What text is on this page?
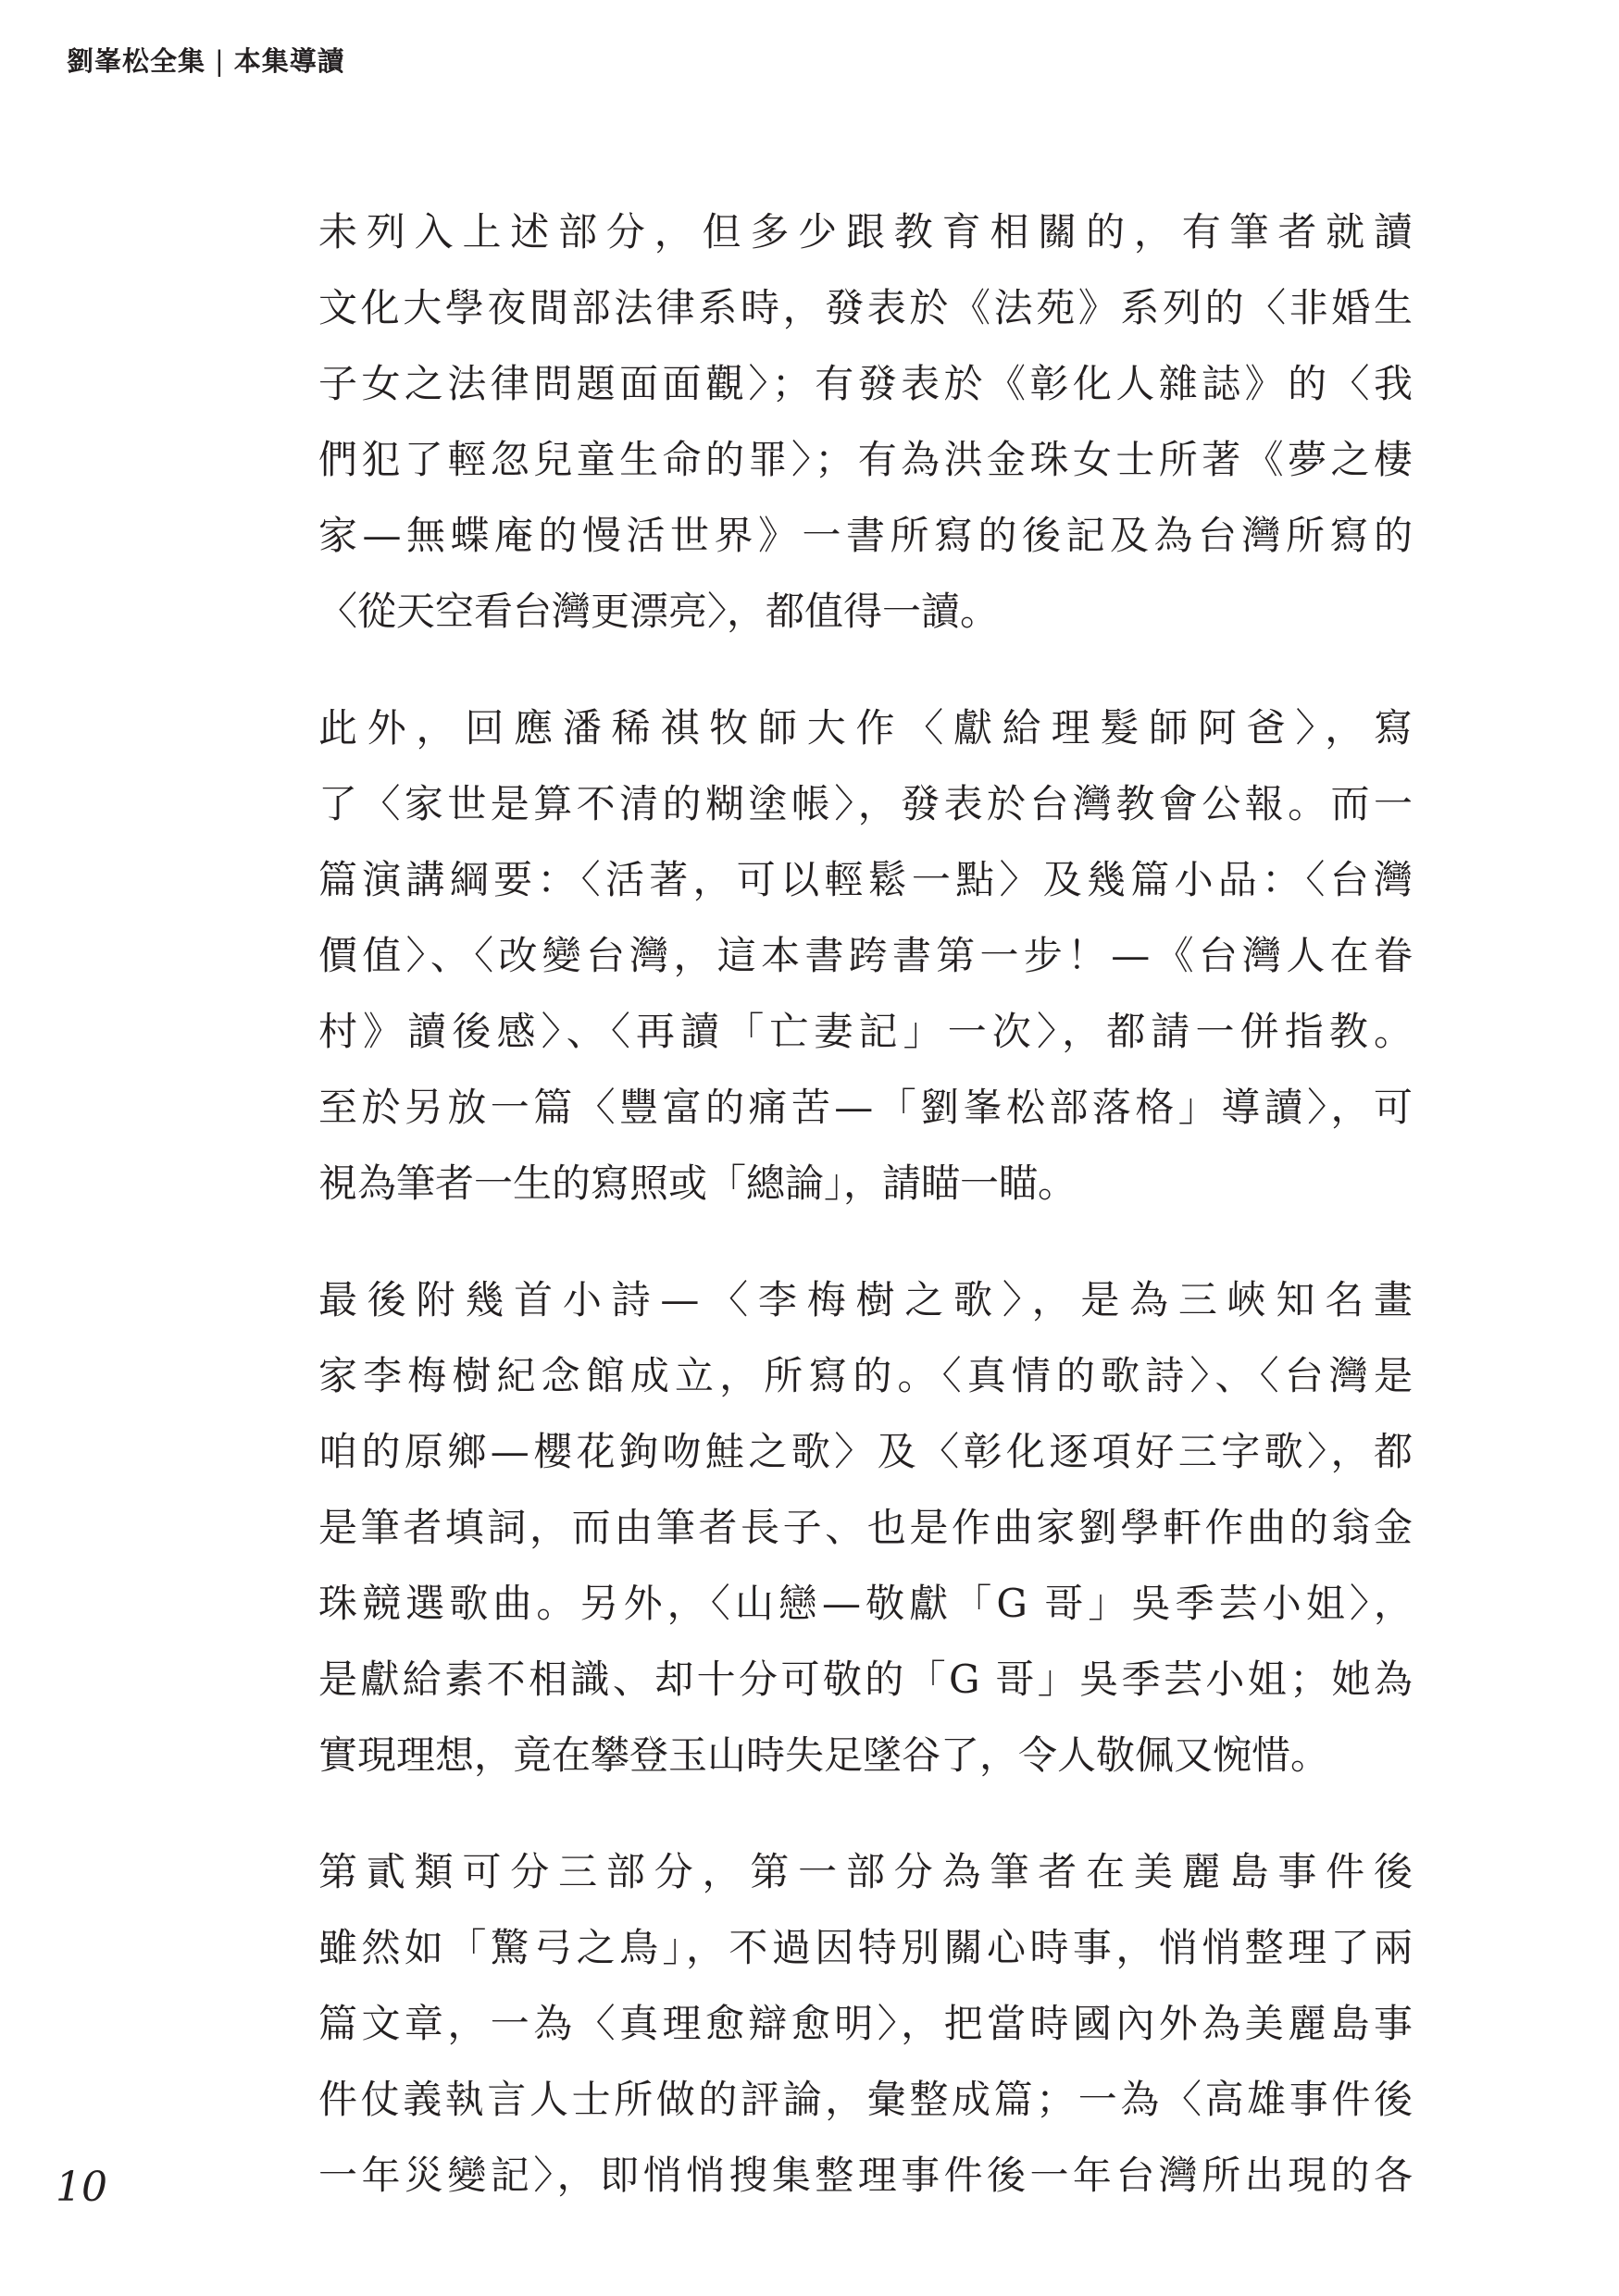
劉峯松全集 | 本集導讀

未列入上述部分，但多少跟教育相關的，有筆者就讀
文化大學夜間部法律系時，發表於《法苑》系列的〈非婚生
子女之法律問題面面觀〉；有發表於《彰化人雜誌》的〈我
們犯了輕忽兒童生命的罪〉；有為洪金珠女士所著《夢之棲
家—無蝶庵的慢活世界》一書所寫的後記及為台灣所寫的
〈從天空看台灣更漂亮〉，都值得一讀。

此外，回應潘稀祺牧師大作〈獻給理髮師阿爸〉，寫
了〈家世是算不清的糊塗帳〉，發表於台灣教會公報。而一
篇演講綱要：〈活著，可以輕鬆一點〉及幾篇小品：〈台灣
價值〉、〈改變台灣，這本書跨書第一步！—《台灣人在眷
村》讀後感〉、〈再讀「亡妻記」一次〉，都請一併指教。
至於另放一篇〈豐富的痛苦—「劉峯松部落格」導讀〉，可
視為筆者一生的寫照或「總論」，請瞄一瞄。

最後附幾首小詩—〈李梅樹之歌〉，是為三峽知名畫
家李梅樹紀念館成立，所寫的。〈真情的歌詩〉、〈台灣是
咱的原鄉—櫻花鉤吻鮭之歌〉及〈彰化逐項好三字歌〉，都
是筆者填詞，而由筆者長子、也是作曲家劉學軒作曲的翁金
珠競選歌曲。另外，〈山戀—敬獻「G 哥」吳季芸小姐〉，
是獻給素不相識、却十分可敬的「G 哥」吳季芸小姐；她為
實現理想，竟在攀登玉山時失足墜谷了，令人敬佩又惋惜。

第貳類可分三部分，第一部分為筆者在美麗島事件後
雖然如「驚弓之鳥」，不過因特別關心時事，悄悄整理了兩
篇文章，一為〈真理愈辯愈明〉，把當時國內外為美麗島事
件仗義執言人士所做的評論，彙整成篇；一為〈高雄事件後
一年災變記〉，即悄悄搜集整理事件後一年台灣所出現的各

10
